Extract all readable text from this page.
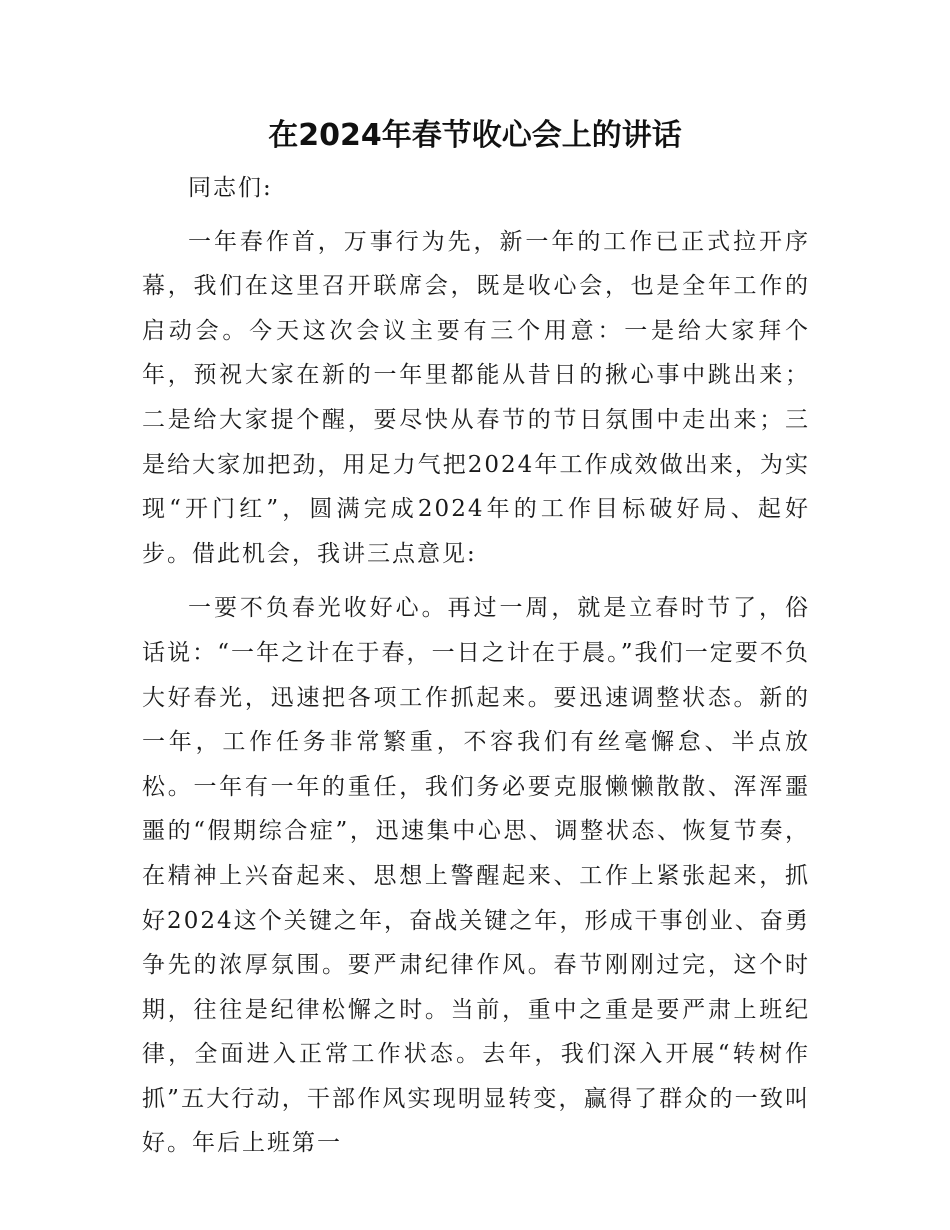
在2024年春节收心会上的讲话

同志们:

一年春作首，万事行为先，新一年的工作已正式拉开序幕，我们在这里召开联席会，既是收心会，也是全年工作的启动会。今天这次会议主要有三个用意：一是给大家拜个年，预祝大家在新的一年里都能从昔日的揪心事中跳出来；二是给大家提个醒，要尽快从春节的节日氛围中走出来；三是给大家加把劲，用足力气把2024年工作成效做出来，为实现“开门红”，圆满完成2024年的工作目标破好局、起好步。借此机会，我讲三点意见:

一要不负春光收好心。再过一周，就是立春时节了，俗话说：“一年之计在于春，一日之计在于晨。”我们一定要不负大好春光，迅速把各项工作抓起来。要迅速调整状态。新的一年，工作任务非常繁重，不容我们有丝毫懈怠、半点放松。一年有一年的重任，我们务必要克服懒懒散散、浑浑噩噩的“假期综合症”，迅速集中心思、调整状态、恢复节奏，在精神上兴奋起来、思想上警醒起来、工作上紧张起来，抓好2024这个关键之年，奋战关键之年，形成干事创业、奋勇争先的浓厚氛围。要严肃纪律作风。春节刚刚过完，这个时期，往往是纪律松懈之时。当前，重中之重是要严肃上班纪律，全面进入正常工作状态。去年，我们深入开展“转树作抓”五大行动，干部作风实现明显转变，赢得了群众的一致叫好。年后上班第一
